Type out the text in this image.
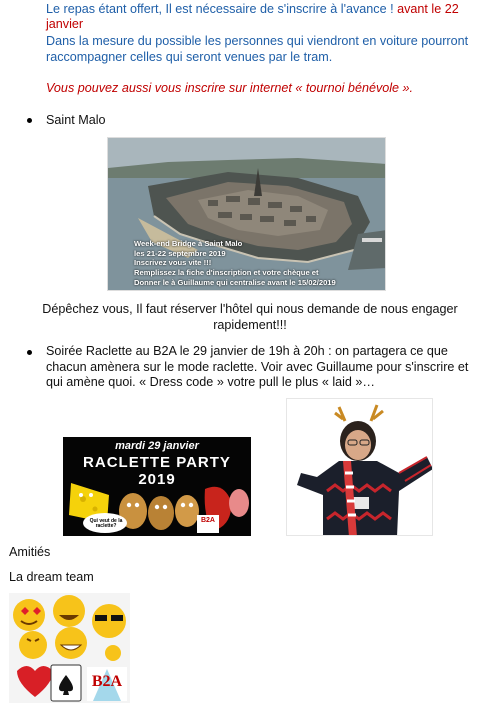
Le repas étant offert, Il est nécessaire de s'inscrire à l'avance ! avant le 22
janvier
Dans la mesure du possible les personnes qui viendront en voiture pourront
raccompagner celles qui seront venues par le tram.
Vous pouvez aussi vous inscrire sur internet « tournoi bénévole ».
Saint Malo
Week-end Bridge à Saint Malo
les 21-22 septembre 2019
Inscrivez vous vite !!!
Remplissez la fiche d'inscription et votre chèque et
Donner le à Guillaume qui centralise avant le 15/02/2019
Dépêchez vous, Il faut réserver l'hôtel qui nous demande de nous engager
rapidement!!!
Soirée Raclette au B2A le 29 janvier de 19h à 20h : on partagera ce que
chacun amènera sur le mode raclette. Voir avec Guillaume pour s'inscrire et
qui amène quoi. « Dress code » votre pull le plus « laid »…
mardi 29 janvier
RACLETTE PARTY 2019
Qui veut de la raclette?
B2A
Amitiés
La dream team
B2A
